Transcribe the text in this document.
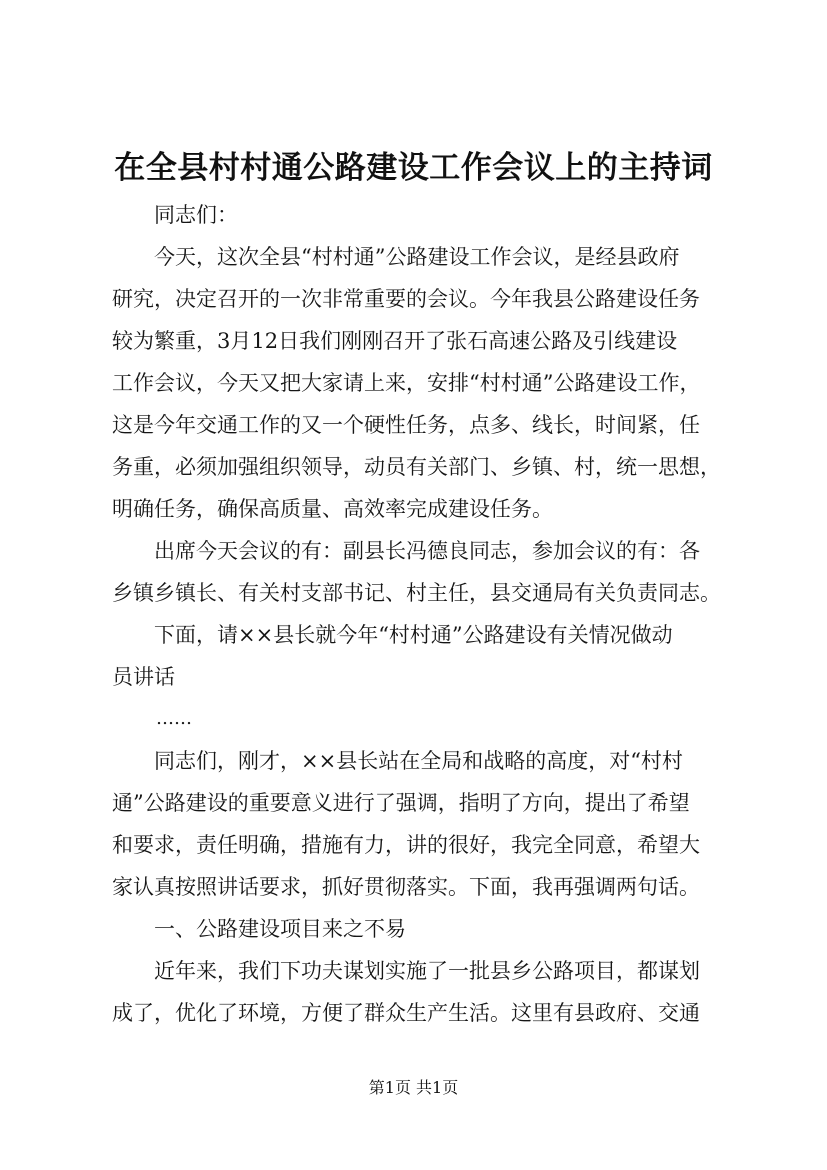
在全县村村通公路建设工作会议上的主持词
同志们：
今天，这次全县“村村通”公路建设工作会议，是经县政府
研究，决定召开的一次非常重要的会议。今年我县公路建设任务
较为繁重，3月12日我们刚刚召开了张石高速公路及引线建设
工作会议，今天又把大家请上来，安排“村村通”公路建设工作，
这是今年交通工作的又一个硬性任务，点多、线长，时间紧，任
务重，必须加强组织领导，动员有关部门、乡镇、村，统一思想，
明确任务，确保高质量、高效率完成建设任务。
出席今天会议的有：副县长冯德良同志，参加会议的有：各
乡镇乡镇长、有关村支部书记、村主任，县交通局有关负责同志。
下面，请××县长就今年“村村通”公路建设有关情况做动
员讲话
……
同志们，刚才，××县长站在全局和战略的高度，对“村村
通”公路建设的重要意义进行了强调，指明了方向，提出了希望
和要求，责任明确，措施有力，讲的很好，我完全同意，希望大
家认真按照讲话要求，抓好贯彻落实。下面，我再强调两句话。
一、公路建设项目来之不易
近年来，我们下功夫谋划实施了一批县乡公路项目，都谋划
成了，优化了环境，方便了群众生产生活。这里有县政府、交通
第1页 共1页
